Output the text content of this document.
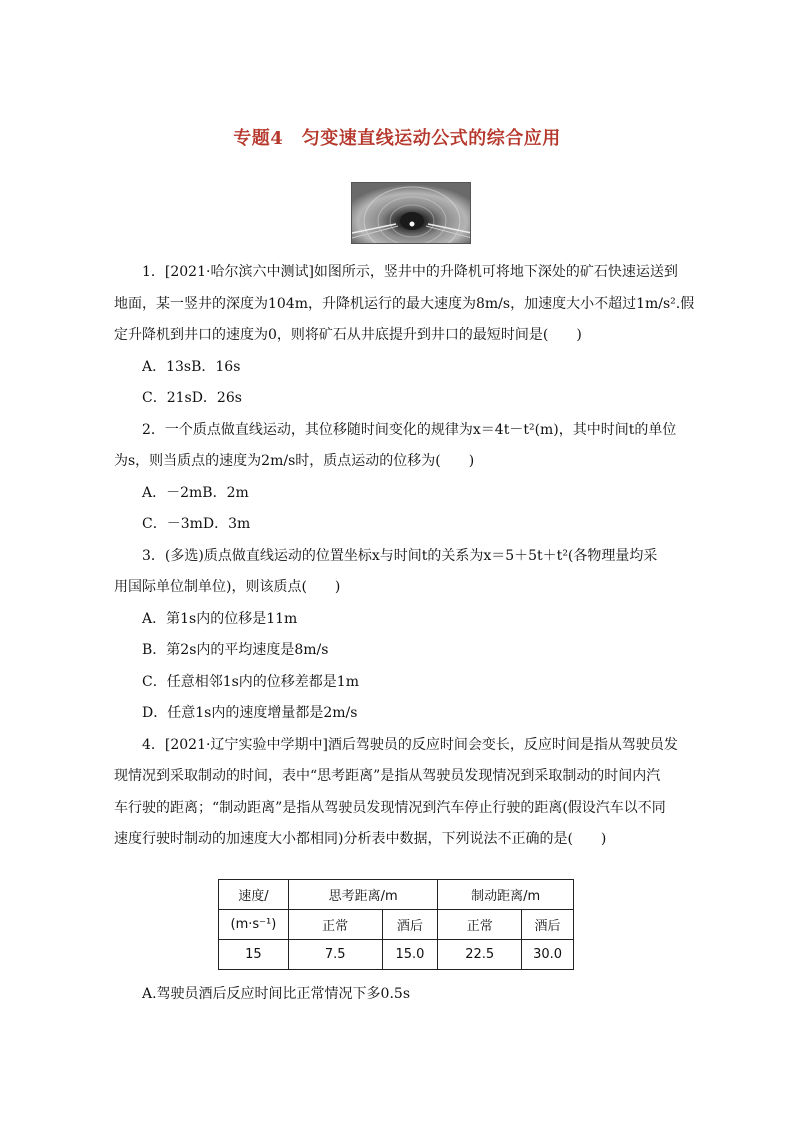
专题4　匀变速直线运动公式的综合应用
1．[2021·哈尔滨六中测试]如图所示，竖井中的升降机可将地下深处的矿石快速运送到
地面，某一竖井的深度为104m，升降机运行的最大速度为8m/s，加速度大小不超过1m/s².假
定升降机到井口的速度为0，则将矿石从井底提升到井口的最短时间是(　　)
A．13sB．16s
C．21sD．26s
2．一个质点做直线运动，其位移随时间变化的规律为x＝4t－t²(m)，其中时间t的单位
为s，则当质点的速度为2m/s时，质点运动的位移为(　　)
A．－2mB．2m
C．－3mD．3m
3．(多选)质点做直线运动的位置坐标x与时间t的关系为x＝5＋5t＋t²(各物理量均采
用国际单位制单位)，则该质点(　　)
A．第1s内的位移是11m
B．第2s内的平均速度是8m/s
C．任意相邻1s内的位移差都是1m
D．任意1s内的速度增量都是2m/s
4．[2021·辽宁实验中学期中]酒后驾驶员的反应时间会变长，反应时间是指从驾驶员发
现情况到采取制动的时间，表中“思考距离”是指从驾驶员发现情况到采取制动的时间内汽
车行驶的距离；“制动距离”是指从驾驶员发现情况到汽车停止行驶的距离(假设汽车以不同
速度行驶时制动的加速度大小都相同)分析表中数据，下列说法不正确的是(　　)
速度/	思考距离/m		制动距离/m	
(m·s⁻¹)	正常	酒后	正常	酒后
15	7.5	15.0	22.5	30.0
A.驾驶员酒后反应时间比正常情况下多0.5s
